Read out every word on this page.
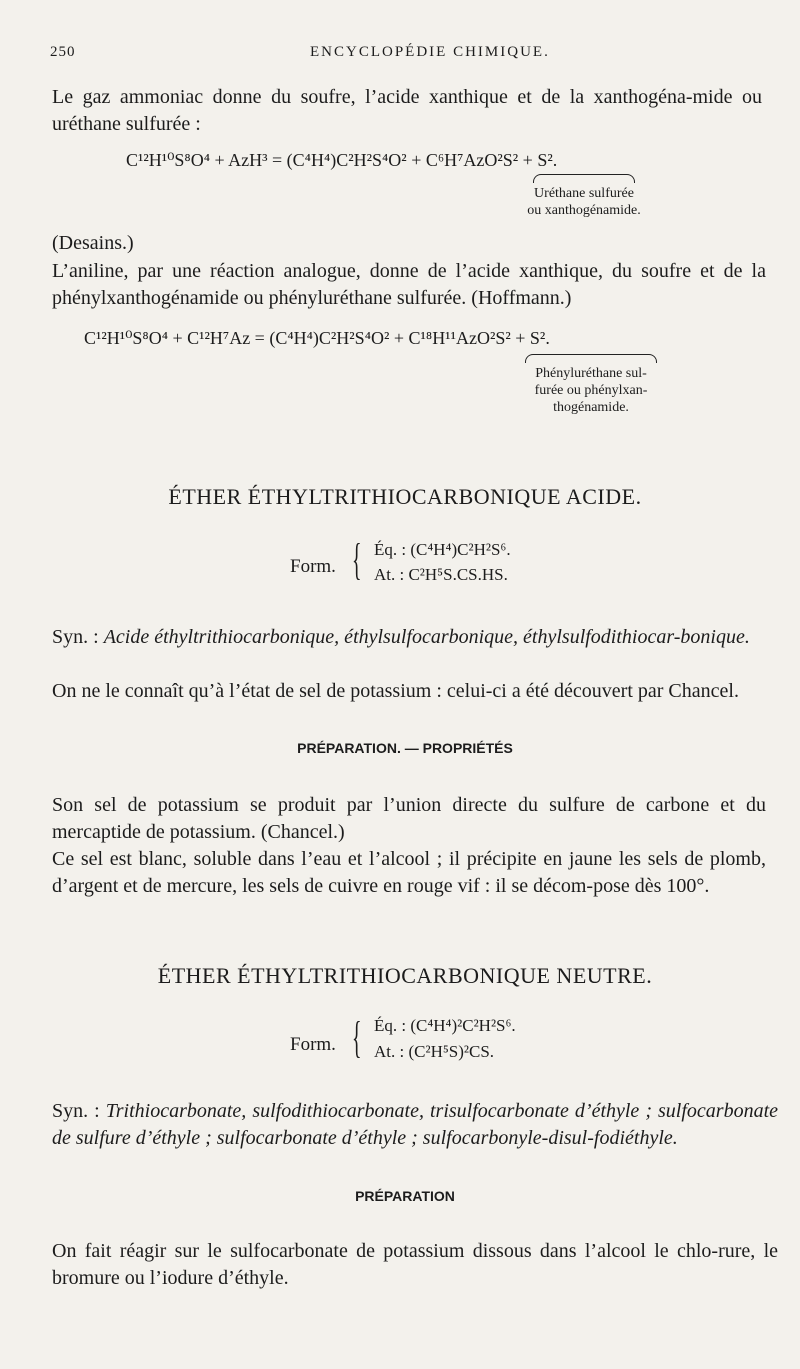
250	ENCYCLOPÉDIE CHIMIQUE.
Le gaz ammoniac donne du soufre, l’acide xanthique et de la xanthogéna-mide ou uréthane sulfurée :
C¹²H¹⁰S⁸O⁴ + AzH³ = (C⁴H⁴)C²H²S⁴O² + C⁶H⁷AzO²S² + S².
Uréthane sulfurée
ou xanthogénamide.
(Desains.)
L’aniline, par une réaction analogue, donne de l’acide xanthique, du soufre et de la phénylxanthogénamide ou phényluréthane sulfurée. (Hoffmann.)
C¹²H¹⁰S⁸O⁴ + C¹²H⁷Az = (C⁴H⁴)C²H²S⁴O² + C¹⁸H¹¹AzO²S² + S².
Phényluréthane sul-
furée ou phénylxan-
thogénamide.
ÉTHER ÉTHYLTRITHIOCARBONIQUE ACIDE.
Form. { Éq. : (C⁴H⁴)C²H²S⁶.
At. : C²H⁵S.CS.HS.
Syn. : Acide éthyltrithiocarbonique, éthylsulfocarbonique, éthylsulfodithiocar-bonique.
On ne le connaît qu’à l’état de sel de potassium : celui-ci a été découvert par Chancel.
PRÉPARATION. — PROPRIÉTÉS
Son sel de potassium se produit par l’union directe du sulfure de carbone et du mercaptide de potassium. (Chancel.)
Ce sel est blanc, soluble dans l’eau et l’alcool ; il précipite en jaune les sels de plomb, d’argent et de mercure, les sels de cuivre en rouge vif : il se décom-pose dès 100°.
ÉTHER ÉTHYLTRITHIOCARBONIQUE NEUTRE.
Form. { Éq. : (C⁴H⁴)²C²H²S⁶.
At. : (C²H⁵S)²CS.
Syn. : Trithiocarbonate, sulfodithiocarbonate, trisulfocarbonate d’éthyle ; sulfocarbonate de sulfure d’éthyle ; sulfocarbonate d’éthyle ; sulfocarbonyle-disul-fodiéthyle.
PRÉPARATION
On fait réagir sur le sulfocarbonate de potassium dissous dans l’alcool le chlo-rure, le bromure ou l’iodure d’éthyle.
